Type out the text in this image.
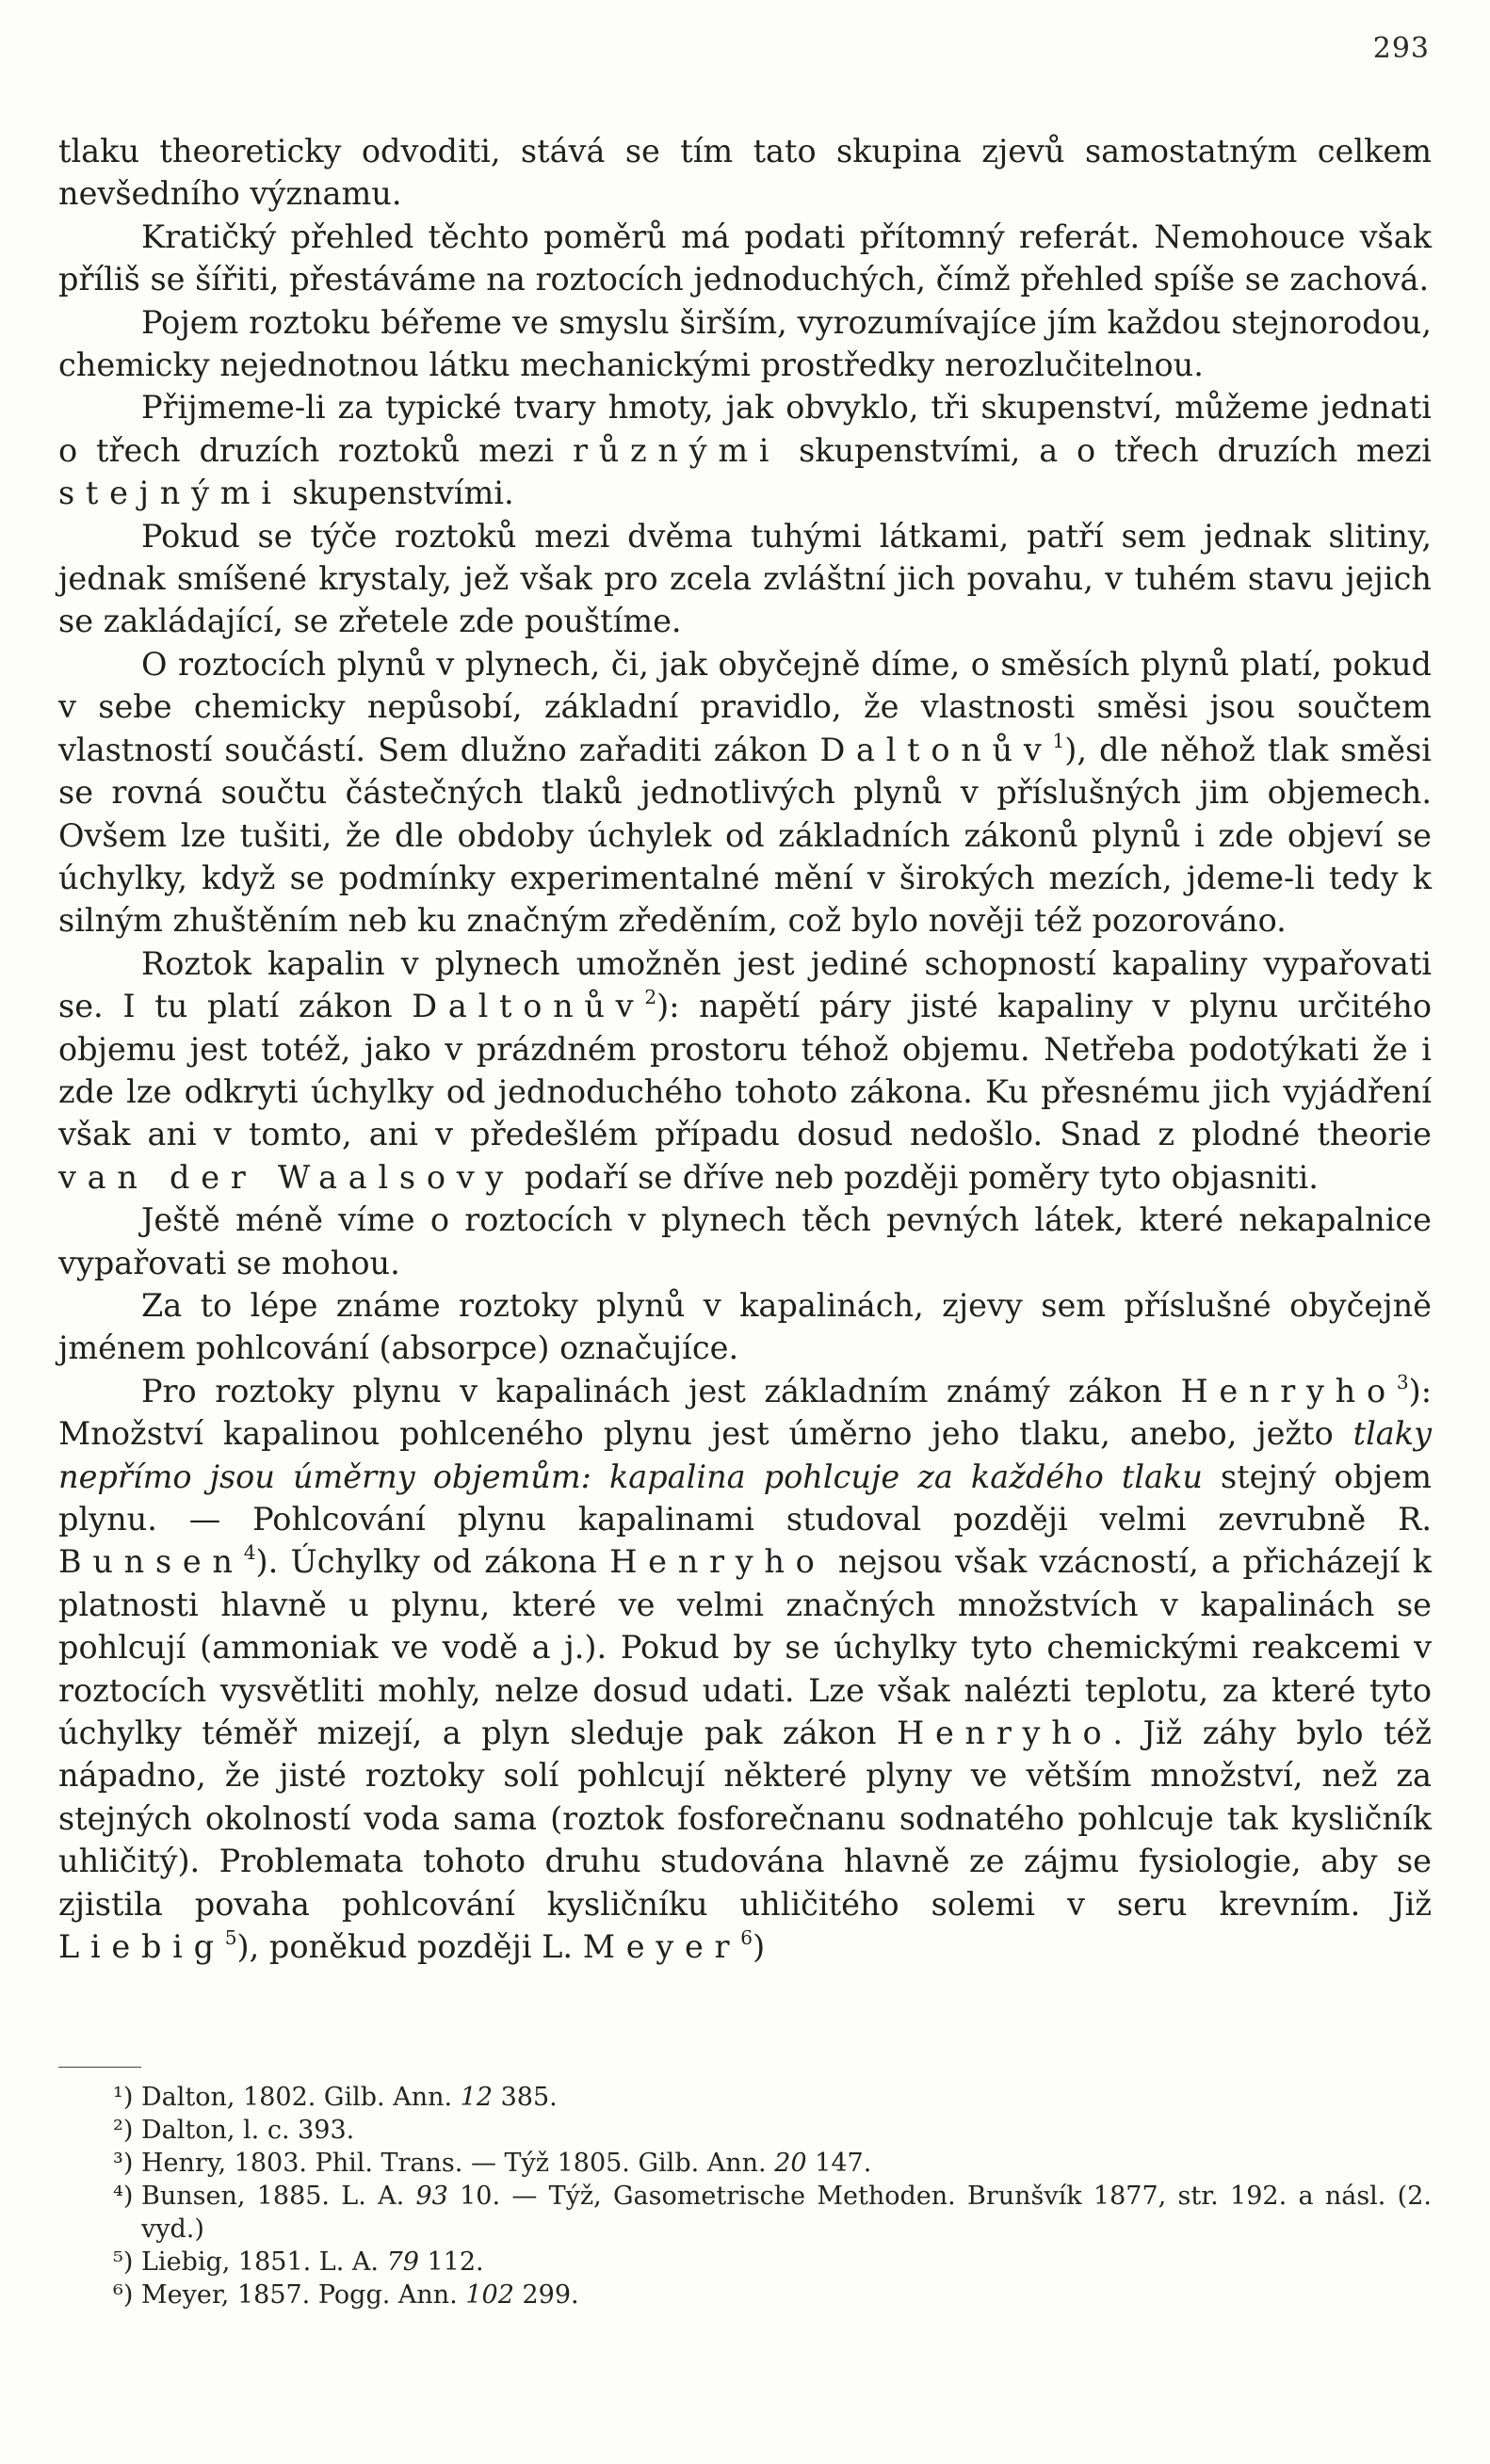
293

tlaku theoreticky odvoditi, stává se tím tato skupina zjevů samostatným celkem nevšedního významu.

Kratičký přehled těchto poměrů má podati přítomný referát. Nemohouce však příliš se šířiti, přestáváme na roztocích jednoduchých, čímž přehled spíše se zachová.

Pojem roztoku béřeme ve smyslu širším, vyrozumívajíce jím každou stejnorodou, chemicky nejednotnou látku mechanickými prostředky nerozlučitelnou.

Přijmeme-li za typické tvary hmoty, jak obvyklo, tři skupenství, můžeme jednati o třech druzích roztoků mezi různými skupenstvími, a o třech druzích mezi stejnými skupenstvími.

Pokud se týče roztoků mezi dvěma tuhými látkami, patří sem jednak slitiny, jednak smíšené krystaly, jež však pro zcela zvláštní jich povahu, v tuhém stavu jejich se zakládající, se zřetele zde pouštíme.

O roztocích plynů v plynech, či, jak obyčejně díme, o směsích plynů platí, pokud v sebe chemicky nepůsobí, základní pravidlo, že vlastnosti směsi jsou součtem vlastností součástí. Sem dlužno zařaditi zákon Daltonův$^1$), dle něhož tlak směsi se rovná součtu částečných tlaků jednotlivých plynů v příslušných jim objemech. Ovšem lze tušiti, že dle obdoby úchylek od základních zákonů plynů i zde objeví se úchylky, když se podmínky experimentalné mění v širokých mezích, jdeme-li tedy k silným zhuštěním neb ku značným zředěním, což bylo nověji též pozorováno.

Roztok kapalin v plynech umožněn jest jediné schopností kapaliny vypařovati se. I tu platí zákon Daltonův$^2$): napětí páry jisté kapaliny v plynu určitého objemu jest totéž, jako v prázdném prostoru téhož objemu. Netřeba podotýkati že i zde lze odkryti úchylky od jednoduchého tohoto zákona. Ku přesnému jich vyjádření však ani v tomto, ani v předešlém případu dosud nedošlo. Snad z plodné theorie van der Waalsovy podaří se dříve neb později poměry tyto objasniti.

Ještě méně víme o roztocích v plynech těch pevných látek, které nekapalnice vypařovati se mohou.

Za to lépe známe roztoky plynů v kapalinách, zjevy sem příslušné obyčejně jménem pohlcování (absorpce) označujíce.

Pro roztoky plynu v kapalinách jest základním známý zákon Henryho$^3$): Množství kapalinou pohlceného plynu jest úměrno jeho tlaku, anebo, ježto tlaky nepřímo jsou úměrny objemům: kapalina pohlcuje za každého tlaku stejný objem plynu. — Pohlcování plynu kapalinami studoval později velmi zevrubně R. Bunsen$^4$). Úchylky od zákona Henryho nejsou však vzácností, a přicházejí k platnosti hlavně u plynu, které ve velmi značných množstvích v kapalinách se pohlcují (ammoniak ve vodě a j.). Pokud by se úchylky tyto chemickými reakcemi v roztocích vysvětliti mohly, nelze dosud udati. Lze však nalézti teplotu, za které tyto úchylky téměř mizejí, a plyn sleduje pak zákon Henryho. Již záhy bylo též nápadno, že jisté roztoky solí pohlcují některé plyny ve větším množství, než za stejných okolností voda sama (roztok fosforečnanu sodnatého pohlcuje tak kysličník uhličitý). Problemata tohoto druhu studována hlavně ze zájmu fysiologie, aby se zjistila povaha pohlcování kysličníku uhličitého solemi v seru krevním. Již Liebig$^5$), poněkud později L. Meyer$^6$)

¹) Dalton, 1802. Gilb. Ann. 12 385.

²) Dalton, l. c. 393.

³) Henry, 1803. Phil. Trans. — Týž 1805. Gilb. Ann. 20 147.

⁴) Bunsen, 1885. L. A. 93 10. — Týž, Gasometrische Methoden. Brunšvík 1877, str. 192. a násl. (2. vyd.)

⁵) Liebig, 1851. L. A. 79 112.

⁶) Meyer, 1857. Pogg. Ann. 102 299.
